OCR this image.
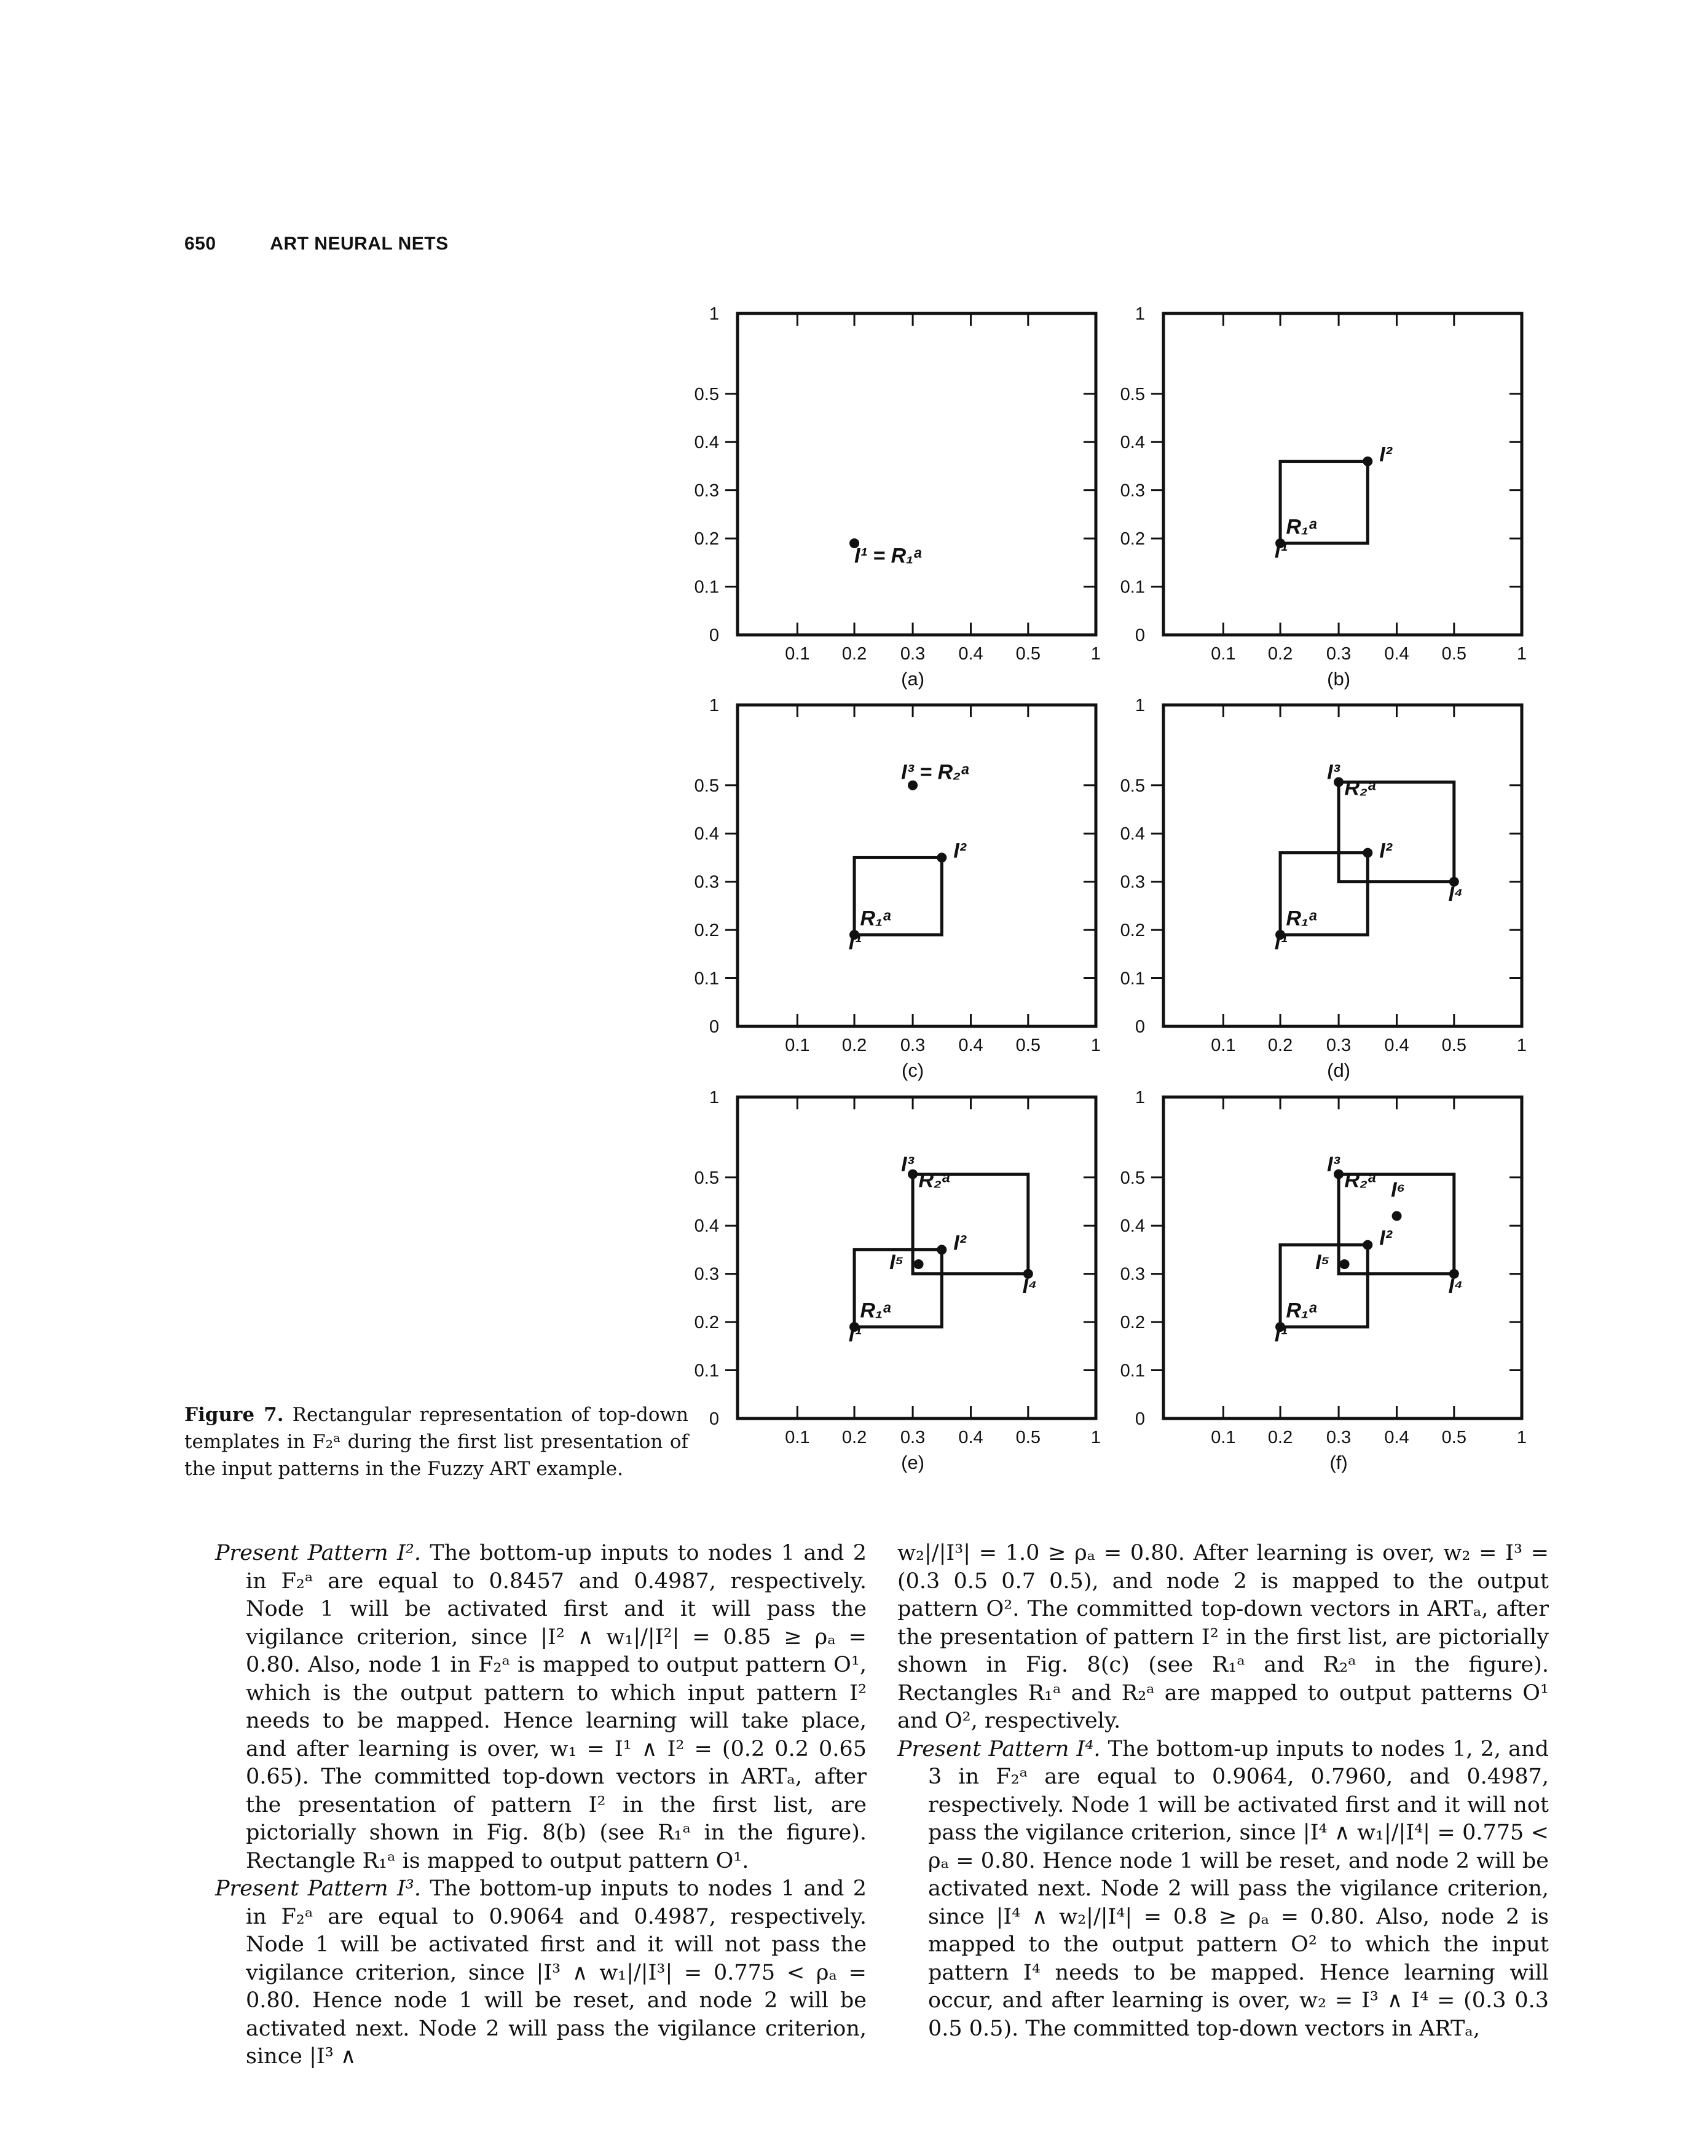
650	ART NEURAL NETS
0.1 0.2 0.3 0.4 0.5	1
1
0.5
0.4
0.3
0.2
0.1
0
(a)
I¹ = R₁ᵃ
0.1 0.2 0.3 0.4 0.5	1
1
0.5
0.4
0.3
0.2
0.1
0
(b)
I²
R₁ᵃ
I¹
0.1 0.2 0.3 0.4 0.5	1
1
0.5
0.4
0.3
0.2
0.1
0
(c)
I³ = R₂ᵃ
I²
R₁ᵃ
I¹
0.1 0.2 0.3 0.4 0.5	1
1
0.5
0.4
0.3
0.2
0.1
0
(d)
I³
R₂ᵃ
I²
I⁴
R₁ᵃ
I¹
0.1 0.2 0.3 0.4 0.5	1
1
0.5
0.4
0.3
0.2
0.1
0
(e)
I³
R₂ᵃ
I²
I⁵
I⁴
R₁ᵃ
I¹
0.1 0.2 0.3 0.4 0.5	1
1
0.5
0.4
0.3
0.2
0.1
0
(f)
I³
R₂ᵃ I⁶
I²
I⁵
I⁴
R₁ᵃ
I¹
Figure 7. Rectangular representation of top-down templates in F₂ᵃ during the first list presentation of the input patterns in the Fuzzy ART example.

Present Pattern I². The bottom-up inputs to nodes 1 and 2 in F₂ᵃ are equal to 0.8457 and 0.4987, respectively. Node 1 will be activated first and it will pass the vigilance criterion, since |I² ∧ w₁|/|I²| = 0.85 ≥ ρₐ = 0.80. Also, node 1 in F₂ᵃ is mapped to output pattern O¹, which is the output pattern to which input pattern I² needs to be mapped. Hence learning will take place, and after learning is over, w₁ = I¹ ∧ I² = (0.2 0.2 0.65 0.65). The committed top-down vectors in ARTₐ, after the presentation of pattern I² in the first list, are pictorially shown in Fig. 8(b) (see R₁ᵃ in the figure). Rectangle R₁ᵃ is mapped to output pattern O¹.

Present Pattern I³. The bottom-up inputs to nodes 1 and 2 in F₂ᵃ are equal to 0.9064 and 0.4987, respectively. Node 1 will be activated first and it will not pass the vigilance criterion, since |I³ ∧ w₁|/|I³| = 0.775 < ρₐ = 0.80. Hence node 1 will be reset, and node 2 will be activated next. Node 2 will pass the vigilance criterion, since |I³ ∧

w₂|/|I³| = 1.0 ≥ ρₐ = 0.80. After learning is over, w₂ = I³ = (0.3 0.5 0.7 0.5), and node 2 is mapped to the output pattern O². The committed top-down vectors in ARTₐ, after the presentation of pattern I² in the first list, are pictorially shown in Fig. 8(c) (see R₁ᵃ and R₂ᵃ in the figure). Rectangles R₁ᵃ and R₂ᵃ are mapped to output patterns O¹ and O², respectively.

Present Pattern I⁴. The bottom-up inputs to nodes 1, 2, and 3 in F₂ᵃ are equal to 0.9064, 0.7960, and 0.4987, respectively. Node 1 will be activated first and it will not pass the vigilance criterion, since |I⁴ ∧ w₁|/|I⁴| = 0.775 < ρₐ = 0.80. Hence node 1 will be reset, and node 2 will be activated next. Node 2 will pass the vigilance criterion, since |I⁴ ∧ w₂|/|I⁴| = 0.8 ≥ ρₐ = 0.80. Also, node 2 is mapped to the output pattern O² to which the input pattern I⁴ needs to be mapped. Hence learning will occur, and after learning is over, w₂ = I³ ∧ I⁴ = (0.3 0.3 0.5 0.5). The committed top-down vectors in ARTₐ,
